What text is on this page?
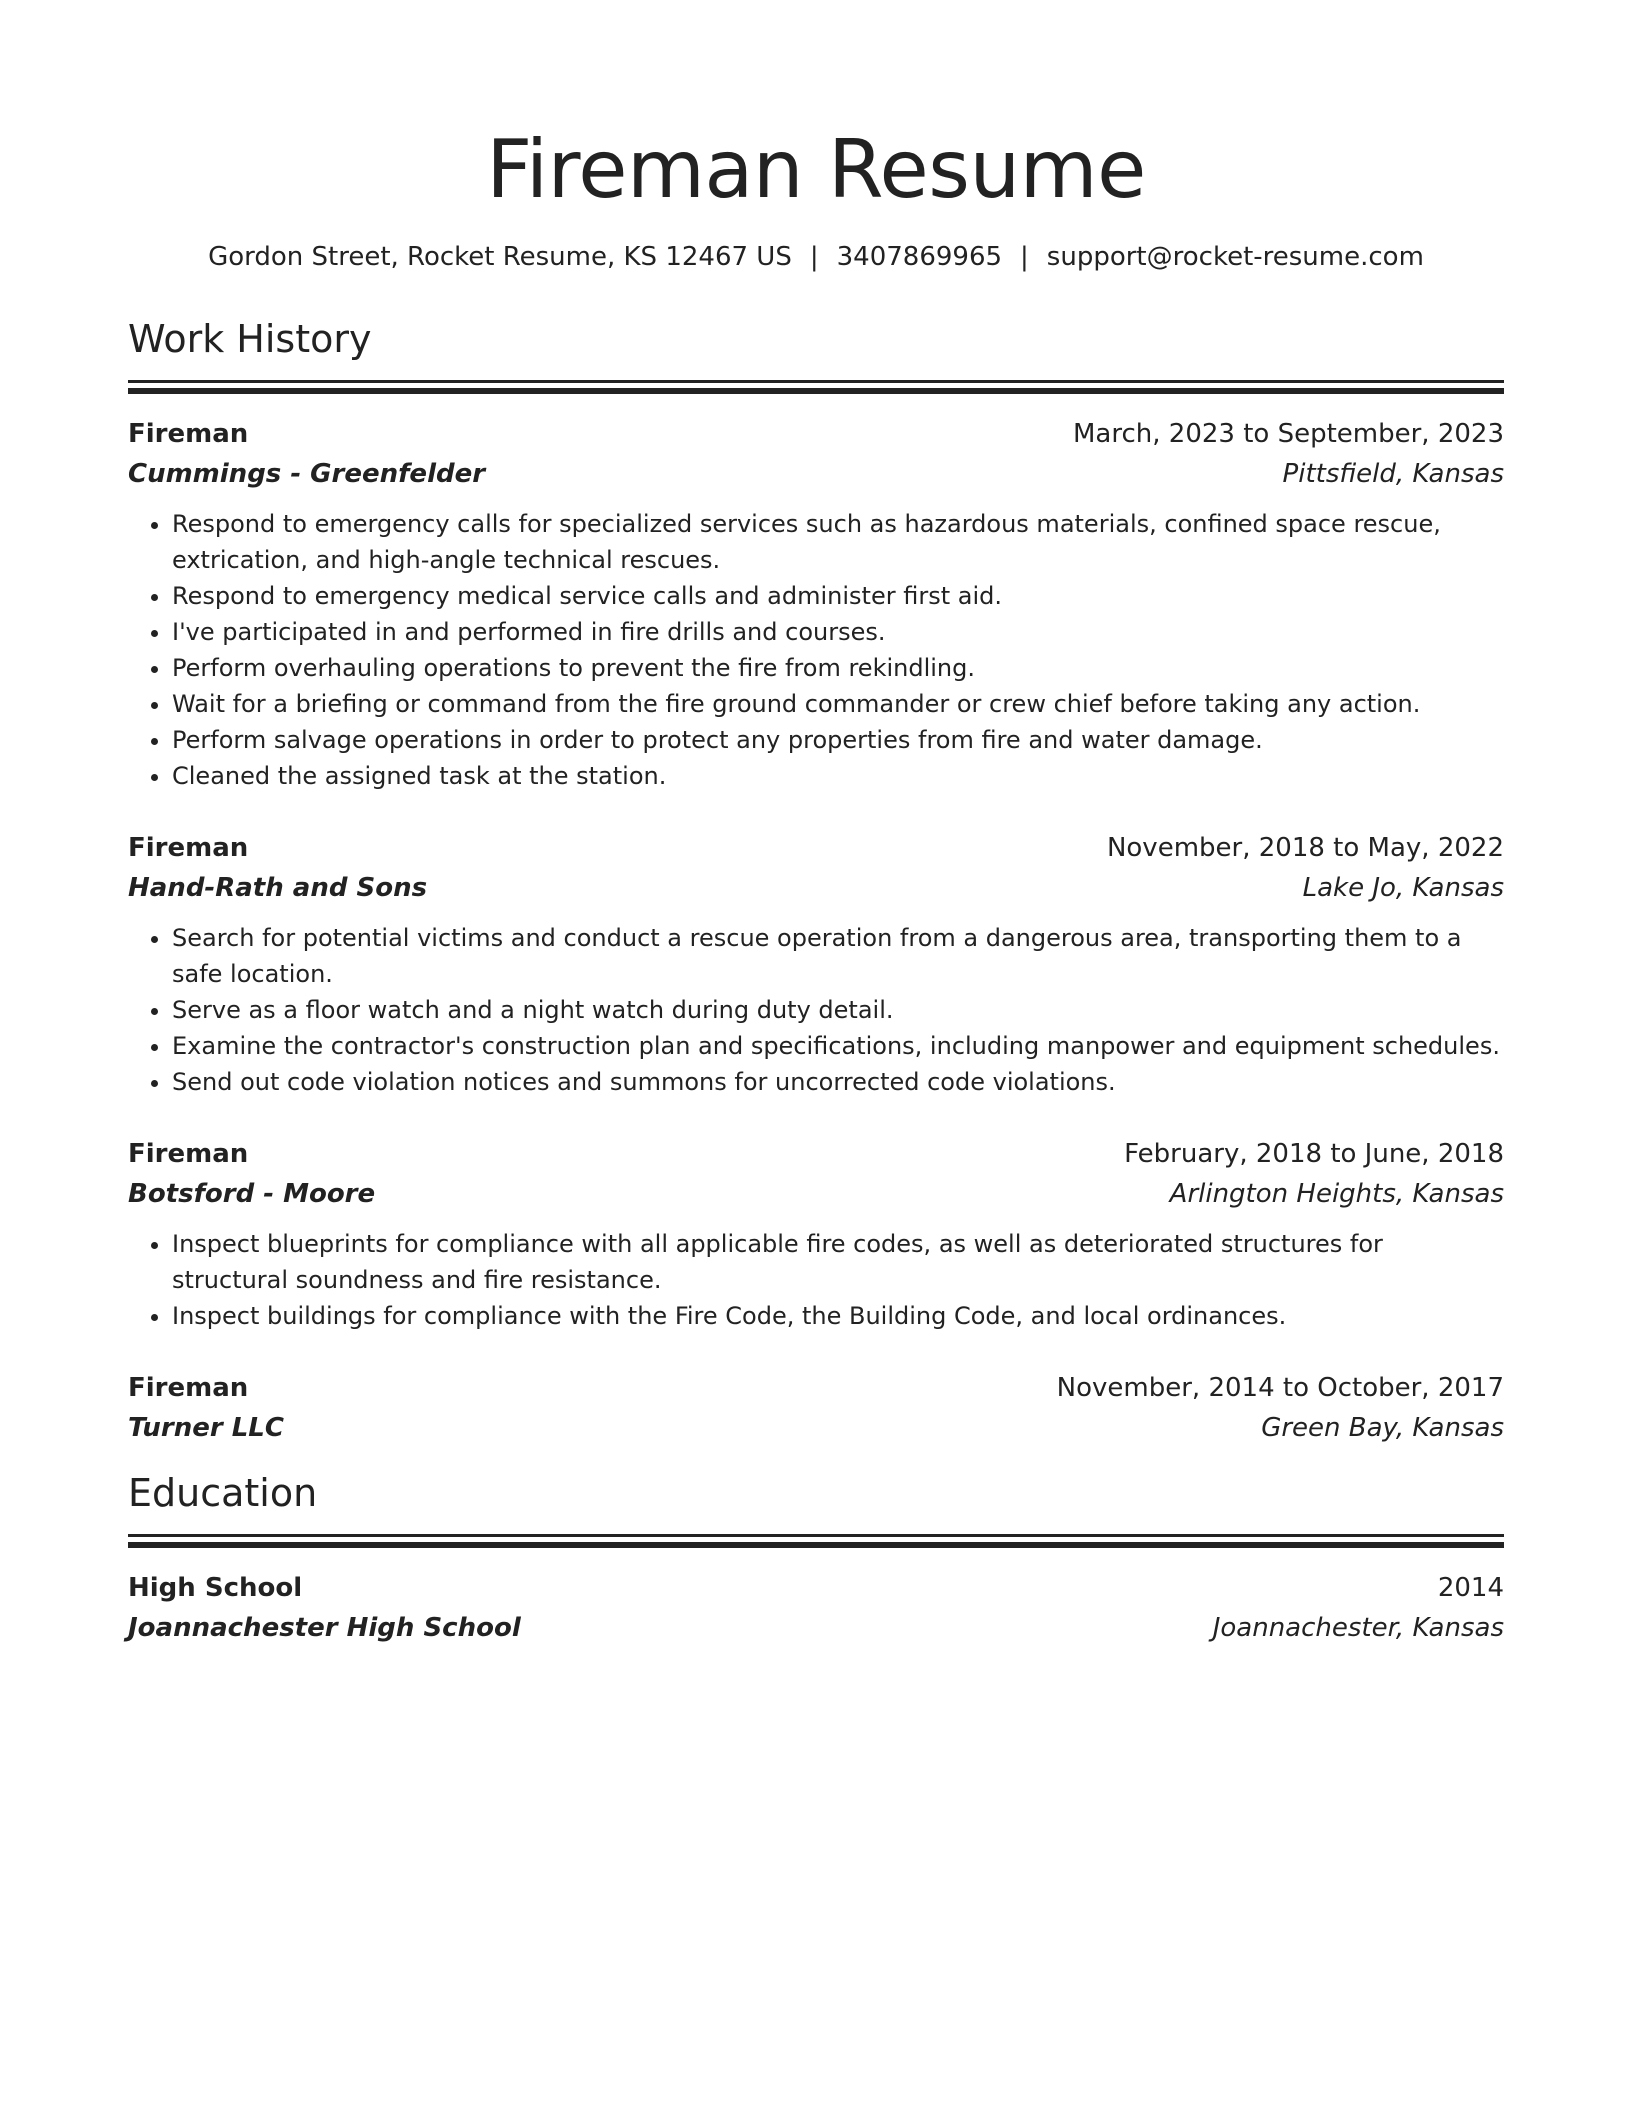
Fireman Resume
Gordon Street, Rocket Resume, KS 12467 US | 3407869965 | support@rocket-resume.com
Work History
Fireman	March, 2023 to September, 2023
Cummings - Greenfelder	Pittsfield, Kansas
• Respond to emergency calls for specialized services such as hazardous materials, confined space rescue, extrication, and high-angle technical rescues.
• Respond to emergency medical service calls and administer first aid.
• I've participated in and performed in fire drills and courses.
• Perform overhauling operations to prevent the fire from rekindling.
• Wait for a briefing or command from the fire ground commander or crew chief before taking any action.
• Perform salvage operations in order to protect any properties from fire and water damage.
• Cleaned the assigned task at the station.
Fireman	November, 2018 to May, 2022
Hand-Rath and Sons	Lake Jo, Kansas
• Search for potential victims and conduct a rescue operation from a dangerous area, transporting them to a safe location.
• Serve as a floor watch and a night watch during duty detail.
• Examine the contractor's construction plan and specifications, including manpower and equipment schedules.
• Send out code violation notices and summons for uncorrected code violations.
Fireman	February, 2018 to June, 2018
Botsford - Moore	Arlington Heights, Kansas
• Inspect blueprints for compliance with all applicable fire codes, as well as deteriorated structures for structural soundness and fire resistance.
• Inspect buildings for compliance with the Fire Code, the Building Code, and local ordinances.
Fireman	November, 2014 to October, 2017
Turner LLC	Green Bay, Kansas
Education
High School	2014
Joannachester High School	Joannachester, Kansas
